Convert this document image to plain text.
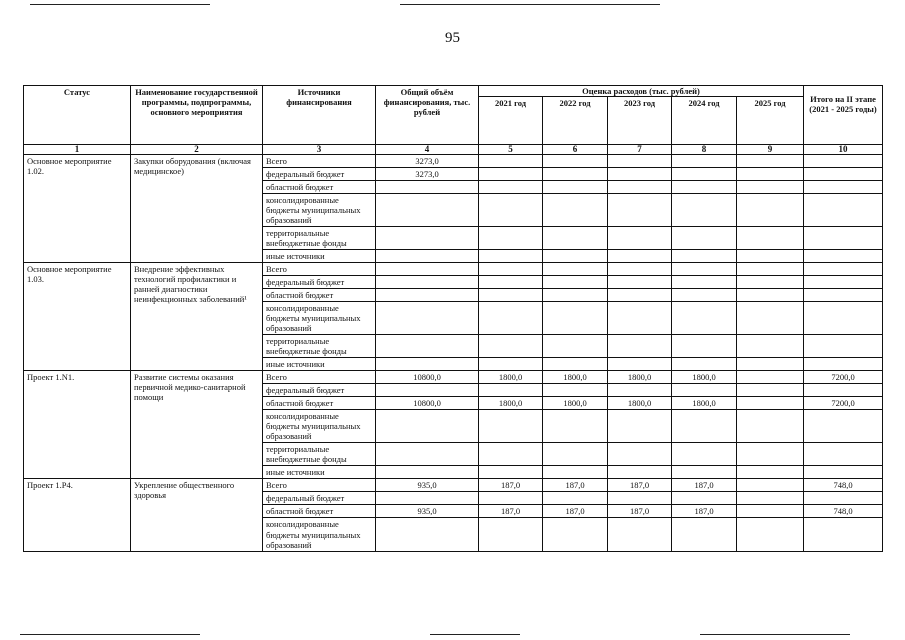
95
Статус	Наименование государственной программы, подпрограммы, основного мероприятия	Источники финансирования	Общий объём финансирования, тыс. рублей	Оценка расходов (тыс. рублей)					Итого на II этапе (2021 - 2025 годы)
				2021 год	2022 год	2023 год	2024 год	2025 год	
1	2	3	4	5	6	7	8	9	10
Основное мероприятие 1.02.	Закупки оборудования (включая медицинское)	Всего	3273,0						
		федеральный бюджет	3273,0						
		областной бюджет							
		консолидированные бюджеты муниципальных образований							
		территориальные внебюджетные фонды							
		иные источники							
Основное мероприятие 1.03.	Внедрение эффективных технологий профилактики и ранней диагностики неинфекционных заболеваний¹	Всего							
		федеральный бюджет							
		областной бюджет							
		консолидированные бюджеты муниципальных образований							
		территориальные внебюджетные фонды							
		иные источники							
Проект 1.N1.	Развитие системы оказания первичной медико-санитарной помощи	Всего	10800,0	1800,0	1800,0	1800,0	1800,0		7200,0
		федеральный бюджет							
		областной бюджет	10800,0	1800,0	1800,0	1800,0	1800,0		7200,0
		консолидированные бюджеты муниципальных образований							
		территориальные внебюджетные фонды							
		иные источники							
Проект 1.Р4.	Укрепление общественного здоровья	Всего	935,0	187,0	187,0	187,0	187,0		748,0
		федеральный бюджет							
		областной бюджет	935,0	187,0	187,0	187,0	187,0		748,0
		консолидированные бюджеты муниципальных образований							
